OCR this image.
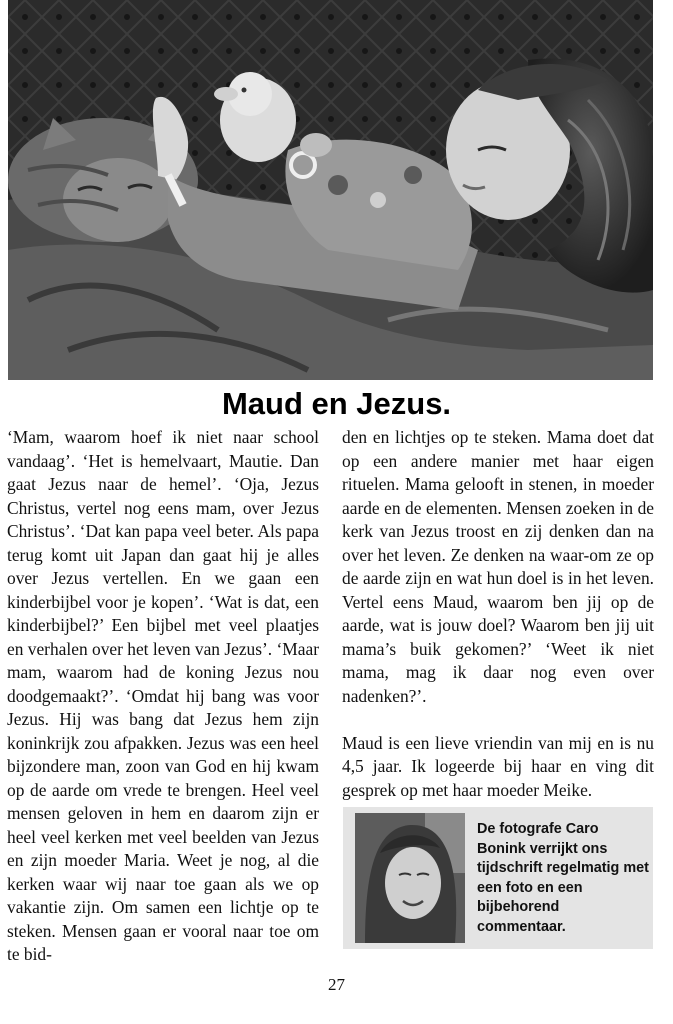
Maud en Jezus.

‘Mam, waarom hoef ik niet naar school vandaag’. ‘Het is hemelvaart, Mautie. Dan gaat Jezus naar de hemel’. ‘Oja, Jezus Christus, vertel nog eens mam, over Jezus Christus’. ‘Dat kan papa veel beter. Als papa terug komt uit Japan dan gaat hij je alles over Jezus vertellen. En we gaan een kinderbijbel voor je kopen’. ‘Wat is dat, een kinderbijbel?’ Een bijbel met veel plaatjes en verhalen over het leven van Jezus’. ‘Maar mam, waarom had de koning Jezus nou doodgemaakt?’. ‘Omdat hij bang was voor Jezus. Hij was bang dat Jezus hem zijn koninkrijk zou afpakken. Jezus was een heel bijzondere man, zoon van God en hij kwam op de aarde om vrede te brengen. Heel veel mensen geloven in hem en daarom zijn er heel veel kerken met veel beelden van Jezus en zijn moeder Maria. Weet je nog, al die kerken waar wij naar toe gaan als we op vakantie zijn. Om samen een lichtje op te steken. Mensen gaan er vooral naar toe om te bid-

den en lichtjes op te steken. Mama doet dat op een andere manier met haar eigen rituelen. Mama gelooft in stenen, in moeder aarde en de elementen. Mensen zoeken in de kerk van Jezus troost en zij denken dan na over het leven. Ze denken na waar-om ze op de aarde zijn en wat hun doel is in het leven. Vertel eens Maud, waarom ben jij op de aarde, wat is jouw doel? Waarom ben jij uit mama’s buik gekomen?’ ‘Weet ik niet mama, mag ik daar nog even over nadenken?’.

Maud is een lieve vriendin van mij en is nu 4,5 jaar. Ik logeerde bij haar en ving dit gesprek op met haar moeder Meike.

De fotografe Caro Bonink verrijkt ons tijdschrift regelmatig met een foto en een bijbehorend commentaar.
27
